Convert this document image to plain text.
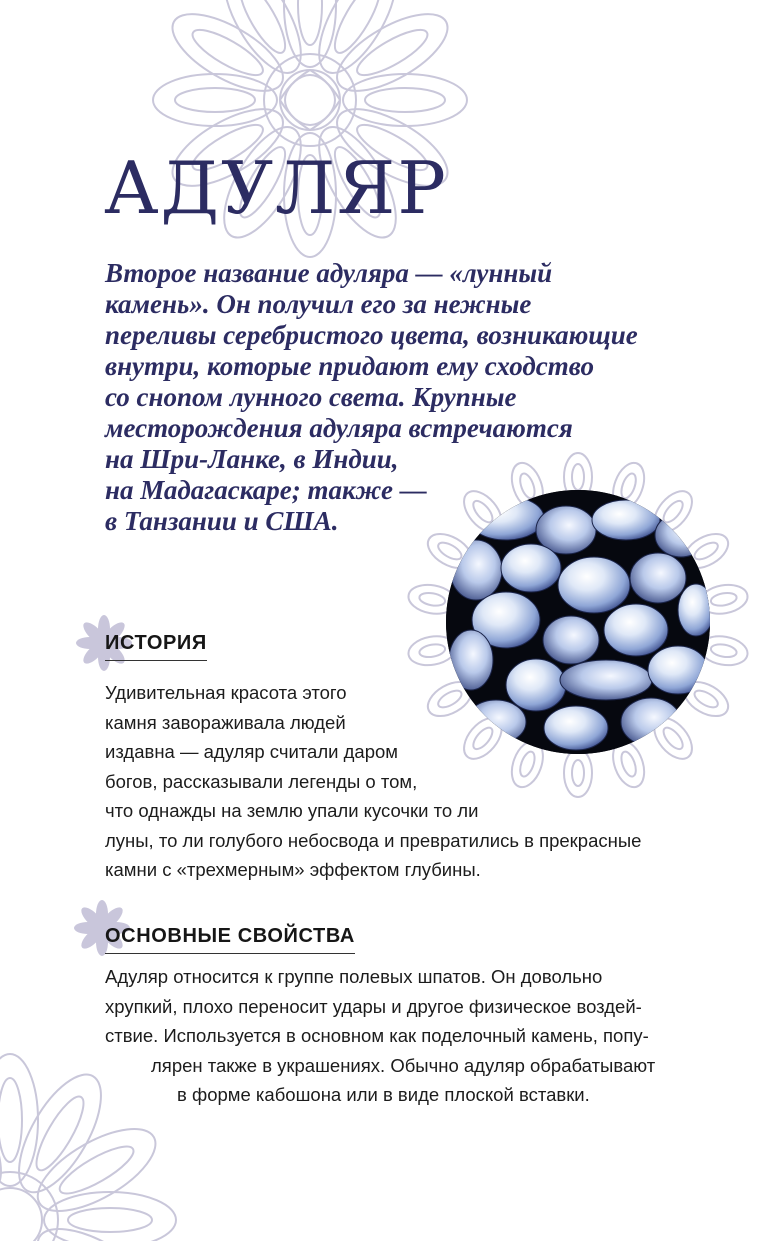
АДУЛЯР
Второе название адуляра — «лунный
камень». Он получил его за нежные
переливы серебристого цвета, возникающие
внутри, которые придают ему сходство
со снопом лунного света. Крупные
месторождения адуляра встречаются
на Шри-Ланке, в Индии,
на Мадагаскаре; также —
в Танзании и США.
ИСТОРИЯ
Удивительная красота этого
камня завораживала людей
издавна — адуляр считали даром
богов, рассказывали легенды о том,
что однажды на землю упали кусочки то ли
луны, то ли голубого небосвода и превратились в прекрасные
камни с «трехмерным» эффектом глубины.
ОСНОВНЫЕ СВОЙСТВА
Адуляр относится к группе полевых шпатов. Он довольно
хрупкий, плохо переносит удары и другое физическое воздей-
ствие. Используется в основном как поделочный камень, попу-
лярен также в украшениях. Обычно адуляр обрабатывают
в форме кабошона или в виде плоской вставки.
